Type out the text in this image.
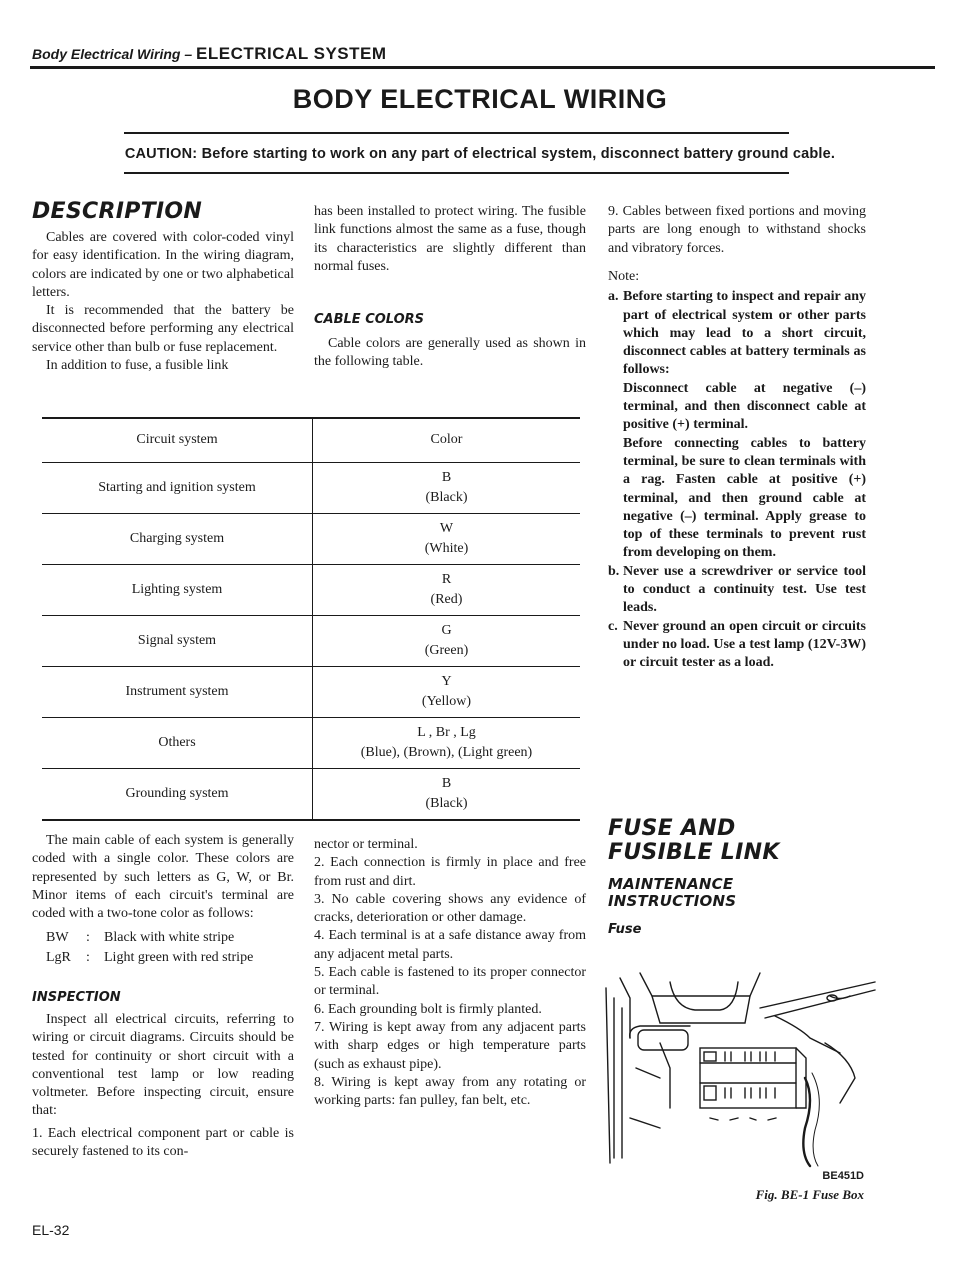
Body Electrical Wiring – ELECTRICAL SYSTEM
BODY ELECTRICAL WIRING
CAUTION: Before starting to work on any part of electrical system, disconnect battery ground cable.
DESCRIPTION

Cables are covered with color-coded vinyl for easy identification. In the wiring diagram, colors are indicated by one or two alphabetical letters.

It is recommended that the battery be disconnected before performing any electrical service other than bulb or fuse replacement.

In addition to fuse, a fusible link

has been installed to protect wiring. The fusible link functions almost the same as a fuse, though its characteristics are slightly different than normal fuses.

CABLE COLORS

Cable colors are generally used as shown in the following table.

Circuit system	Color
Starting and ignition system	B
(Black)

Charging system	W
(White)

Lighting system	R
(Red)

Signal system	G
(Green)

Instrument system	Y
(Yellow)

Others	L , Br , Lg
(Blue), (Brown), (Light green)

Grounding system	B
(Black)

The main cable of each system is generally coded with a single color. These colors are represented by such letters as G, W, or Br. Minor items of each circuit's terminal are coded with a two-tone color as follows:

BW	:	Black with white stripe
LgR	:	Light green with red stripe
INSPECTION

Inspect all electrical circuits, referring to wiring or circuit diagrams. Circuits should be tested for continuity or short circuit with a conventional test lamp or low reading voltmeter. Before inspecting circuit, ensure that:

1. Each electrical component part or cable is securely fastened to its con-

nector or terminal.

2. Each connection is firmly in place and free from rust and dirt.

3. No cable covering shows any evidence of cracks, deterioration or other damage.

4. Each terminal is at a safe distance away from any adjacent metal parts.

5. Each cable is fastened to its proper connector or terminal.

6. Each grounding bolt is firmly planted.

7. Wiring is kept away from any adjacent parts with sharp edges or high temperature parts (such as exhaust pipe).

8. Wiring is kept away from any rotating or working parts: fan pulley, fan belt, etc.

9. Cables between fixed portions and moving parts are long enough to withstand shocks and vibratory forces.

Note:

a. Before starting to inspect and repair any part of electrical system or other parts which may lead to a short circuit, disconnect cables at battery terminals as follows:

Disconnect cable at negative (–) terminal, and then disconnect cable at positive (+) terminal.

Before connecting cables to battery terminal, be sure to clean terminals with a rag. Fasten cable at positive (+) terminal, and then ground cable at negative (–) terminal. Apply grease to top of these terminals to prevent rust from developing on them.

b. Never use a screwdriver or service tool to conduct a continuity test. Use test leads.
c. Never ground an open circuit or circuits under no load. Use a test lamp (12V-3W) or circuit tester as a load.
FUSE AND
FUSIBLE LINK
MAINTENANCE
INSTRUCTIONS
Fuse
BE451D
Fig. BE-1 Fuse Box
EL-32
